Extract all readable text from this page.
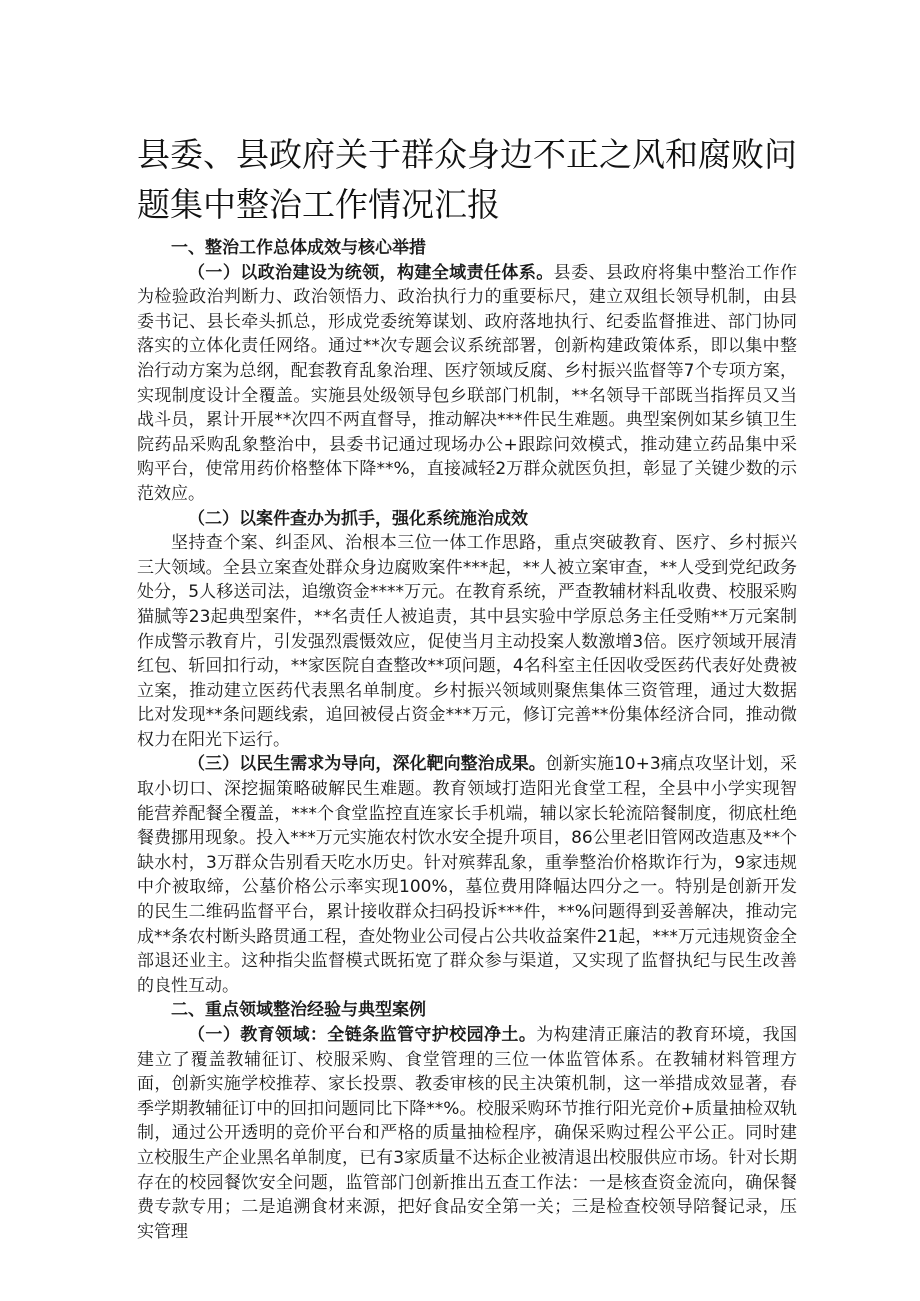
县委、县政府关于群众身边不正之风和腐败问题集中整治工作情况汇报

一、整治工作总体成效与核心举措

（一）以政治建设为统领，构建全域责任体系。县委、县政府将集中整治工作作为检验政治判断力、政治领悟力、政治执行力的重要标尺，建立双组长领导机制，由县委书记、县长牵头抓总，形成党委统筹谋划、政府落地执行、纪委监督推进、部门协同落实的立体化责任网络。通过**次专题会议系统部署，创新构建政策体系，即以集中整治行动方案为总纲，配套教育乱象治理、医疗领域反腐、乡村振兴监督等7个专项方案，实现制度设计全覆盖。实施县处级领导包乡联部门机制，**名领导干部既当指挥员又当战斗员，累计开展**次四不两直督导，推动解决***件民生难题。典型案例如某乡镇卫生院药品采购乱象整治中，县委书记通过现场办公+跟踪问效模式，推动建立药品集中采购平台，使常用药价格整体下降**%，直接减轻2万群众就医负担，彰显了关键少数的示范效应。

（二）以案件查办为抓手，强化系统施治成效

坚持查个案、纠歪风、治根本三位一体工作思路，重点突破教育、医疗、乡村振兴三大领域。全县立案查处群众身边腐败案件***起，**人被立案审查，**人受到党纪政务处分，5人移送司法，追缴资金****万元。在教育系统，严查教辅材料乱收费、校服采购猫腻等23起典型案件，**名责任人被追责，其中县实验中学原总务主任受贿**万元案制作成警示教育片，引发强烈震慑效应，促使当月主动投案人数激增3倍。医疗领域开展清红包、斩回扣行动，**家医院自查整改**项问题，4名科室主任因收受医药代表好处费被立案，推动建立医药代表黑名单制度。乡村振兴领域则聚焦集体三资管理，通过大数据比对发现**条问题线索，追回被侵占资金***万元，修订完善**份集体经济合同，推动微权力在阳光下运行。

（三）以民生需求为导向，深化靶向整治成果。创新实施10+3痛点攻坚计划，采取小切口、深挖掘策略破解民生难题。教育领域打造阳光食堂工程，全县中小学实现智能营养配餐全覆盖，***个食堂监控直连家长手机端，辅以家长轮流陪餐制度，彻底杜绝餐费挪用现象。投入***万元实施农村饮水安全提升项目，86公里老旧管网改造惠及**个缺水村，3万群众告别看天吃水历史。针对殡葬乱象，重拳整治价格欺诈行为，9家违规中介被取缔，公墓价格公示率实现100%，墓位费用降幅达四分之一。特别是创新开发的民生二维码监督平台，累计接收群众扫码投诉***件，**%问题得到妥善解决，推动完成**条农村断头路贯通工程，查处物业公司侵占公共收益案件21起，***万元违规资金全部退还业主。这种指尖监督模式既拓宽了群众参与渠道，又实现了监督执纪与民生改善的良性互动。

二、重点领域整治经验与典型案例

（一）教育领域：全链条监管守护校园净土。为构建清正廉洁的教育环境，我国建立了覆盖教辅征订、校服采购、食堂管理的三位一体监管体系。在教辅材料管理方面，创新实施学校推荐、家长投票、教委审核的民主决策机制，这一举措成效显著，春季学期教辅征订中的回扣问题同比下降**%。校服采购环节推行阳光竞价+质量抽检双轨制，通过公开透明的竞价平台和严格的质量抽检程序，确保采购过程公平公正。同时建立校服生产企业黑名单制度，已有3家质量不达标企业被清退出校服供应市场。针对长期存在的校园餐饮安全问题，监管部门创新推出五查工作法：一是核查资金流向，确保餐费专款专用；二是追溯食材来源，把好食品安全第一关；三是检查校领导陪餐记录，压实管理
